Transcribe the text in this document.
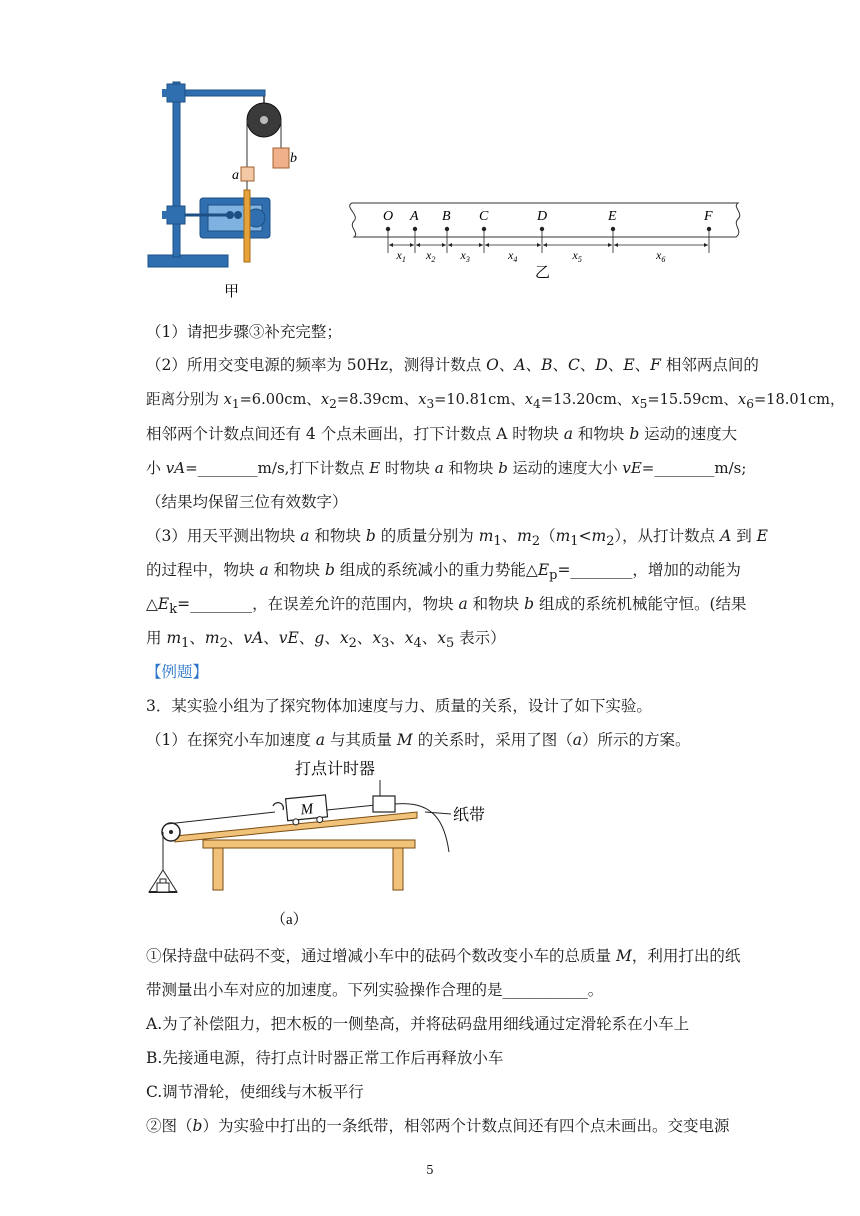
a
b
甲
O A B C	D	E	F
$x_1$ $x_2$ $x_3$	$x_4$	$x_5$	$x_6$
乙
（1）请把步骤③补充完整；
（2）所用交变电源的频率为 50Hz，测得计数点 O、A、B、C、D、E、F 相邻两点间的
距离分别为 $x_1=6.00cm$、$x_2=8.39cm$、$x_3=10.81cm$、$x_4=13.20cm$、$x_5=15.59cm$、$x_6=18.01cm$，
相邻两个计数点间还有 4 个点未画出，打下计数点 A 时物块 a 和物块 b 运动的速度大
小 vA=________m/s,打下计数点 E 时物块 a 和物块 b 运动的速度大小 vE=________m/s;
（结果均保留三位有效数字）
（3）用天平测出物块 a 和物块 b 的质量分别为 $m_1$、$m_2(m_1<m_2)$，从打计数点 A 到 E
的过程中，物块 a 和物块 b 组成的系统减小的重力势能$\triangle E_p=\_\_\_\_\_\_\_\_$，增加的动能为
$\triangle E_k=\_\_\_\_\_\_\_\_$，在误差允许的范围内，物块 a 和物块 b 组成的系统机械能守恒。(结果
用 $m_1$、$m_2$、vA、vE、g、$x_2$、$x_3$、$x_4$、$x_5$ 表示）
【例题】
3．某实验小组为了探究物体加速度与力、质量的关系，设计了如下实验。
（1）在探究小车加速度 a 与其质量 M 的关系时，采用了图（a）所示的方案。
打点计时器
M	纸带
（a）
①保持盘中砝码不变，通过增减小车中的砝码个数改变小车的总质量 M，利用打出的纸
带测量出小车对应的加速度。下列实验操作合理的是___________。
A.为了补偿阻力，把木板的一侧垫高，并将砝码盘用细线通过定滑轮系在小车上
B.先接通电源，待打点计时器正常工作后再释放小车
C.调节滑轮，使细线与木板平行
②图（b）为实验中打出的一条纸带，相邻两个计数点间还有四个点未画出。交变电源
5
